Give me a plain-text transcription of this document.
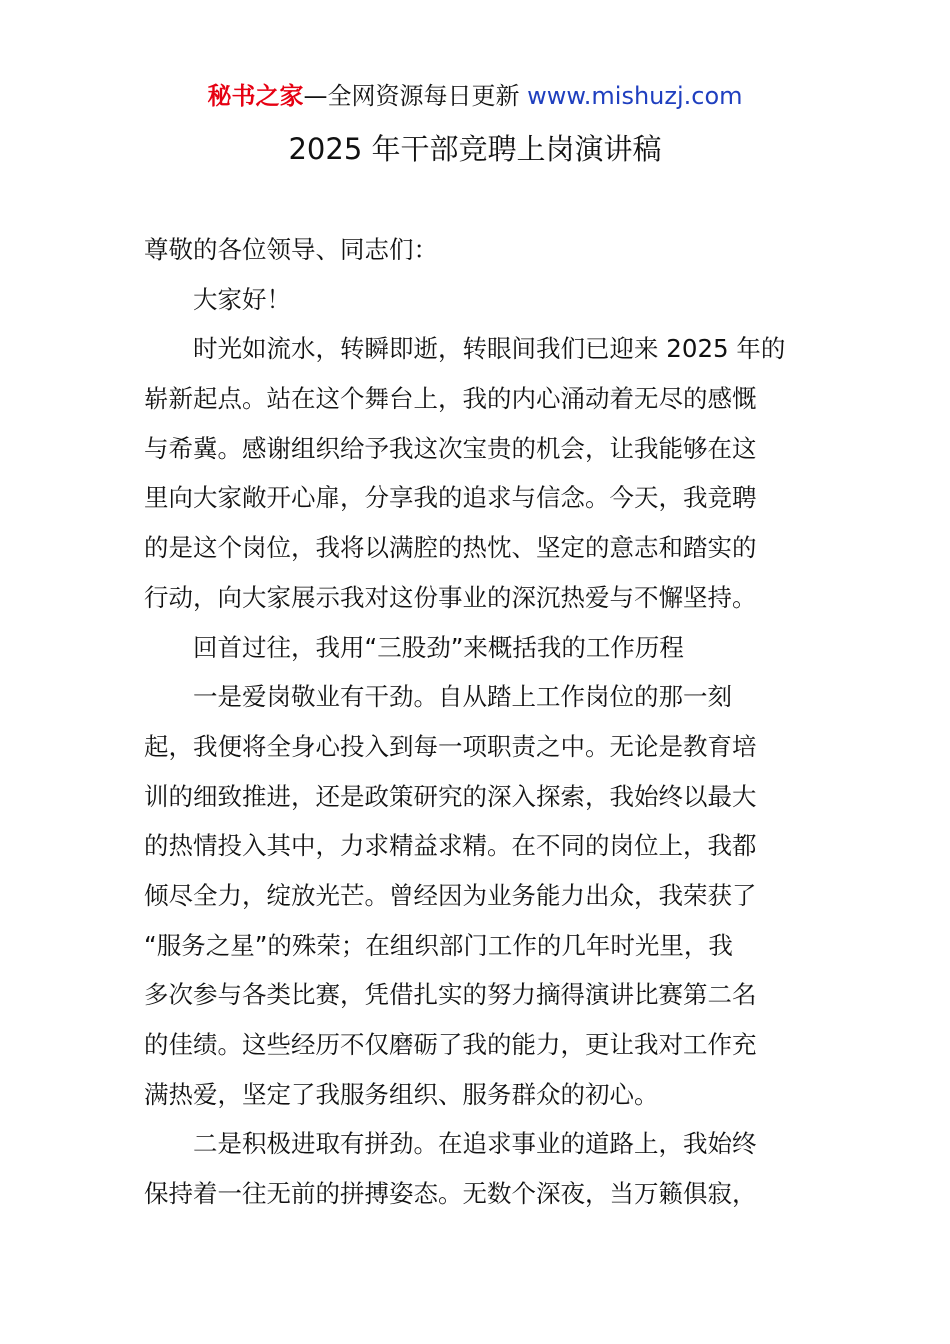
秘书之家—全网资源每日更新 www.mishuzj.com
2025 年干部竞聘上岗演讲稿
尊敬的各位领导、同志们：
大家好！
时光如流水，转瞬即逝，转眼间我们已迎来 2025 年的
崭新起点。站在这个舞台上，我的内心涌动着无尽的感慨
与希冀。感谢组织给予我这次宝贵的机会，让我能够在这
里向大家敞开心扉，分享我的追求与信念。今天，我竞聘
的是这个岗位，我将以满腔的热忱、坚定的意志和踏实的
行动，向大家展示我对这份事业的深沉热爱与不懈坚持。
回首过往，我用“三股劲”来概括我的工作历程
一是爱岗敬业有干劲。自从踏上工作岗位的那一刻
起，我便将全身心投入到每一项职责之中。无论是教育培
训的细致推进，还是政策研究的深入探索，我始终以最大
的热情投入其中，力求精益求精。在不同的岗位上，我都
倾尽全力，绽放光芒。曾经因为业务能力出众，我荣获了
“服务之星”的殊荣；在组织部门工作的几年时光里，我
多次参与各类比赛，凭借扎实的努力摘得演讲比赛第二名
的佳绩。这些经历不仅磨砺了我的能力，更让我对工作充
满热爱，坚定了我服务组织、服务群众的初心。
二是积极进取有拼劲。在追求事业的道路上，我始终
保持着一往无前的拼搏姿态。无数个深夜，当万籁俱寂，
